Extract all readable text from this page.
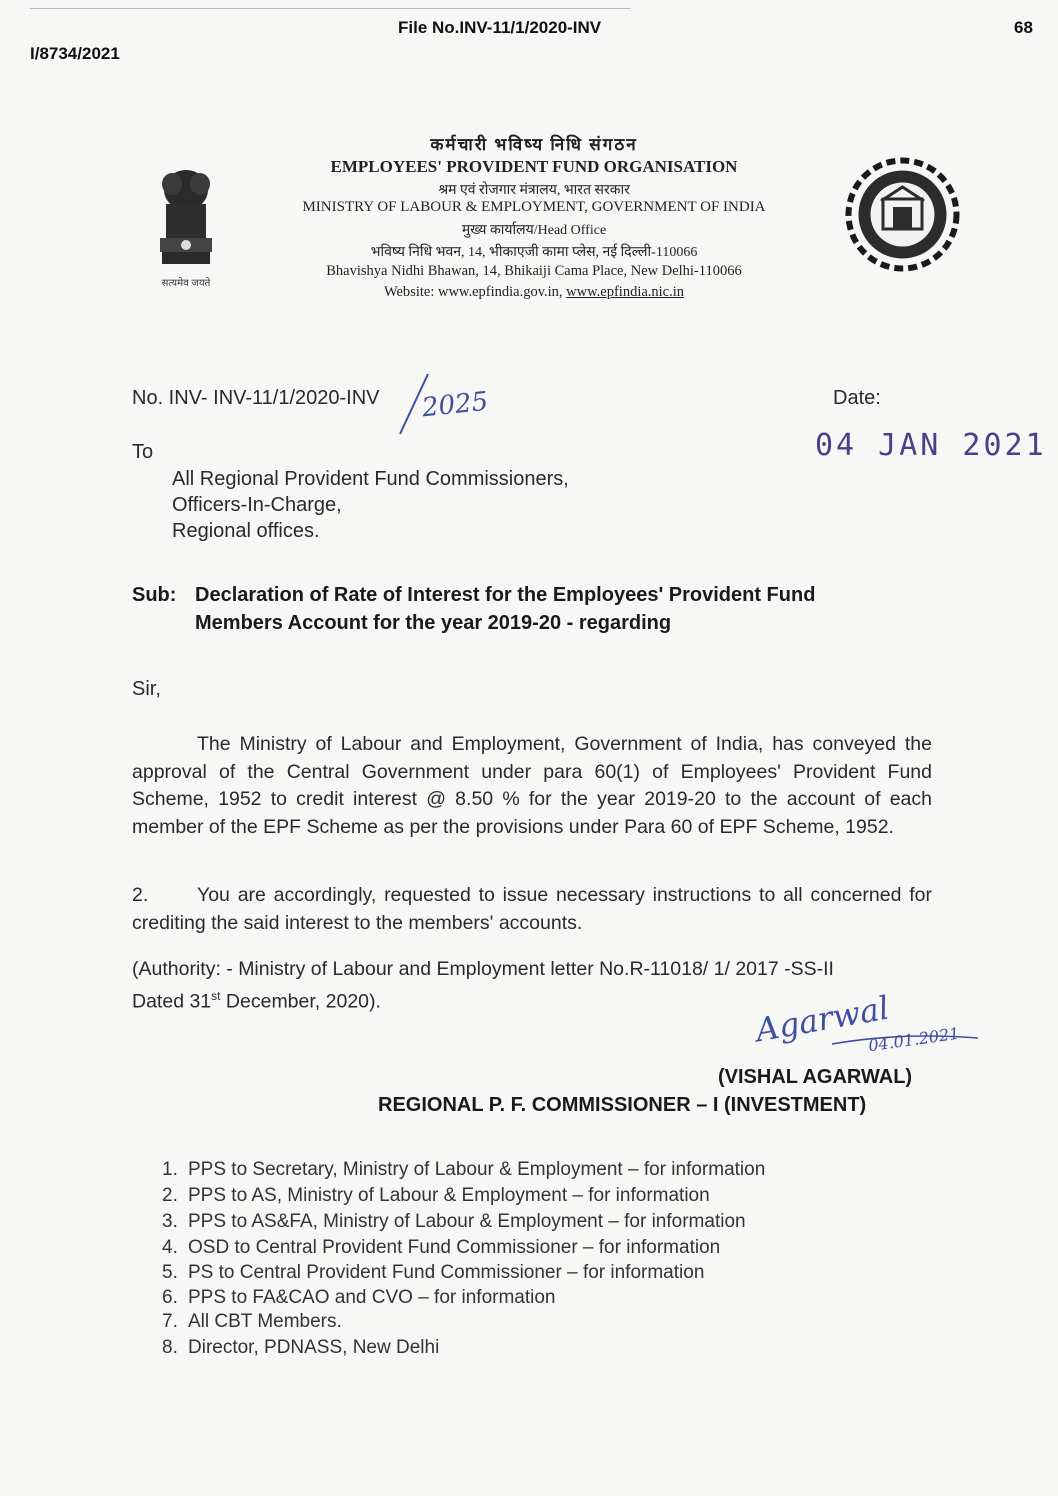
File No.INV-11/1/2020-INV	68
I/8734/2021
सत्यमेव जयते
कर्मचारी भविष्य निधि संगठन
EMPLOYEES' PROVIDENT FUND ORGANISATION
श्रम एवं रोजगार मंत्रालय, भारत सरकार
MINISTRY OF LABOUR & EMPLOYMENT, GOVERNMENT OF INDIA
मुख्य कार्यालय/Head Office
भविष्य निधि भवन, 14, भीकाएजी कामा प्लेस, नई दिल्ली-110066
Bhavishya Nidhi Bhawan, 14, Bhikaiji Cama Place, New Delhi-110066
Website: www.epfindia.gov.in, www.epfindia.nic.in
No. INV- INV-11/1/2020-INV 2025	Date:
04 JAN 2021
To
All Regional Provident Fund Commissioners,
Officers-In-Charge,
Regional offices.
Sub: Declaration of Rate of Interest for the Employees' Provident Fund
Members Account for the year 2019-20 - regarding
Sir,
The Ministry of Labour and Employment, Government of India, has conveyed the approval of the Central Government under para 60(1) of Employees' Provident Fund Scheme, 1952 to credit interest @ 8.50 % for the year 2019-20 to the account of each member of the EPF Scheme as per the provisions under Para 60 of EPF Scheme, 1952.
2.	You are accordingly, requested to issue necessary instructions to all concerned for crediting the said interest to the members' accounts.
(Authority: - Ministry of Labour and Employment letter No.R-11018/ 1/ 2017 -SS-II
Dated 31st December, 2020).	Agarwal
04.01.2021
(VISHAL AGARWAL)
REGIONAL P. F. COMMISSIONER – I (INVESTMENT)
1. PPS to Secretary, Ministry of Labour & Employment – for information
2. PPS to AS, Ministry of Labour & Employment – for information
3. PPS to AS&FA, Ministry of Labour & Employment – for information
4. OSD to Central Provident Fund Commissioner – for information
5. PS to Central Provident Fund Commissioner – for information
6. PPS to FA&CAO and CVO – for information
7. All CBT Members.
8. Director, PDNASS, New Delhi
